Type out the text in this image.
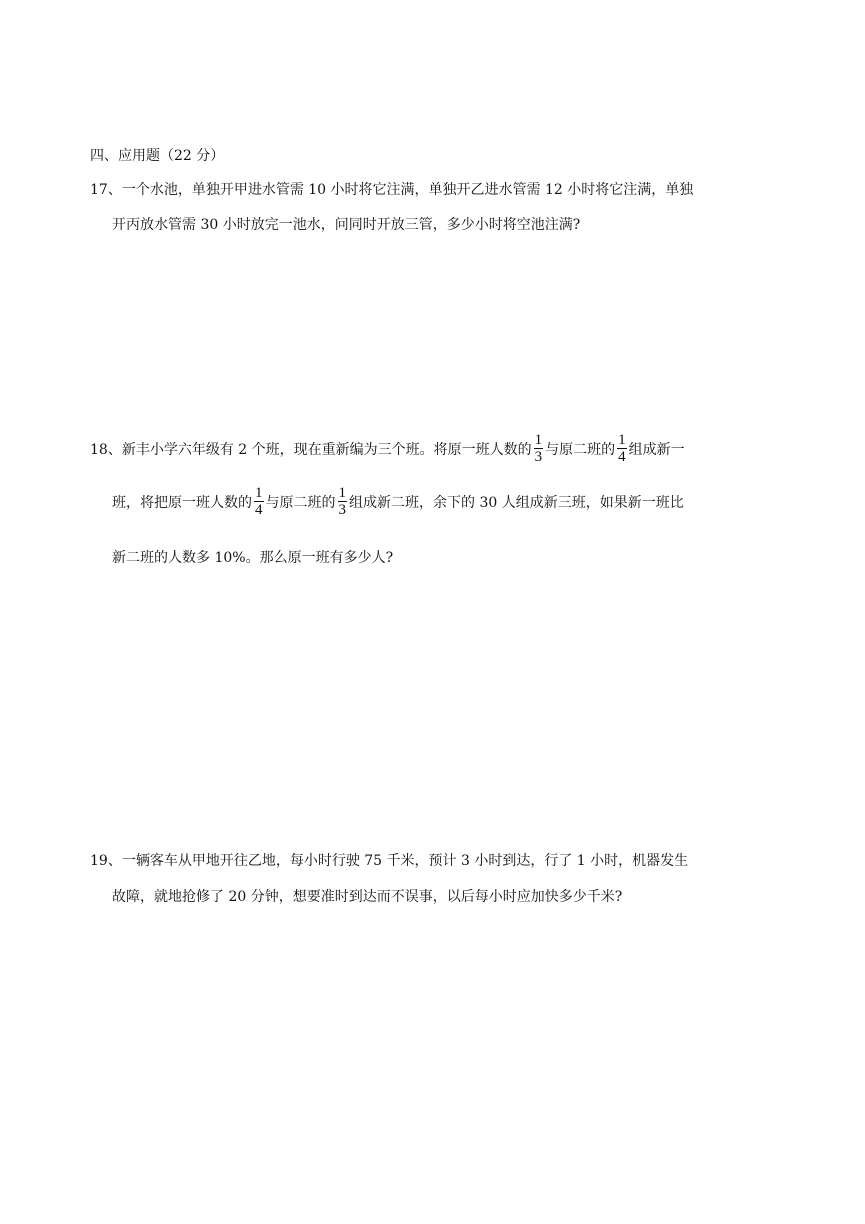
四、应用题（22 分）
17、一个水池，单独开甲进水管需 10 小时将它注满，单独开乙进水管需 12 小时将它注满，单独
开丙放水管需 30 小时放完一池水，问同时开放三管，多少小时将空池注满?
18、新丰小学六年级有 2 个班，现在重新编为三个班。将原一班人数的 $\frac{1}{3}$ 与原二班的 $\frac{1}{4}$ 组成新一
班，将把原一班人数的 $\frac{1}{4}$ 与原二班的 $\frac{1}{3}$ 组成新二班，余下的 30 人组成新三班，如果新一班比
新二班的人数多 10%。那么原一班有多少人?
19、一辆客车从甲地开往乙地，每小时行驶 75 千米，预计 3 小时到达，行了 1 小时，机器发生
故障，就地抢修了 20 分钟，想要准时到达而不误事，以后每小时应加快多少千米?
